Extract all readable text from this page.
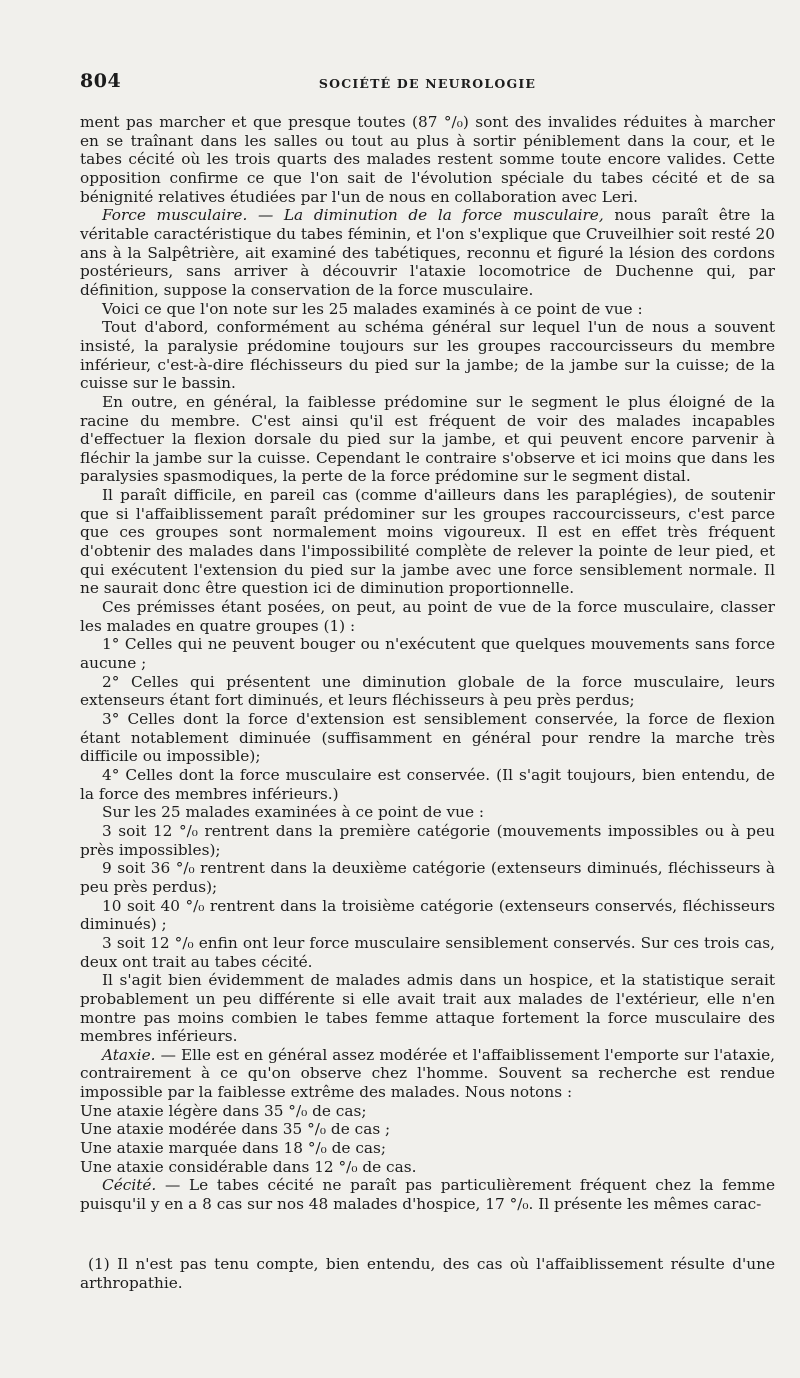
804	SOCIÉTÉ DE NEUROLOGIE

ment pas marcher et que presque toutes (87 °/₀) sont des invalides réduites à marcher en se traînant dans les salles ou tout au plus à sortir péniblement dans la cour, et le tabes cécité où les trois quarts des malades restent somme toute encore valides. Cette opposition confirme ce que l'on sait de l'évolution spéciale du tabes cécité et de sa bénignité relatives étudiées par l'un de nous en collaboration avec Leri.

Force musculaire. — La diminution de la force musculaire, nous paraît être la véritable caractéristique du tabes féminin, et l'on s'explique que Cruveilhier soit resté 20 ans à la Salpêtrière, ait examiné des tabétiques, reconnu et figuré la lésion des cordons postérieurs, sans arriver à découvrir l'ataxie locomotrice de Duchenne qui, par définition, suppose la conservation de la force musculaire.

Voici ce que l'on note sur les 25 malades examinés à ce point de vue :

Tout d'abord, conformément au schéma général sur lequel l'un de nous a souvent insisté, la paralysie prédomine toujours sur les groupes raccourcisseurs du membre inférieur, c'est-à-dire fléchisseurs du pied sur la jambe; de la jambe sur la cuisse; de la cuisse sur le bassin.

En outre, en général, la faiblesse prédomine sur le segment le plus éloigné de la racine du membre. C'est ainsi qu'il est fréquent de voir des malades incapables d'effectuer la flexion dorsale du pied sur la jambe, et qui peuvent encore parvenir à fléchir la jambe sur la cuisse. Cependant le contraire s'observe et ici moins que dans les paralysies spasmodiques, la perte de la force prédomine sur le segment distal.

Il paraît difficile, en pareil cas (comme d'ailleurs dans les paraplégies), de soutenir que si l'affaiblissement paraît prédominer sur les groupes raccourcisseurs, c'est parce que ces groupes sont normalement moins vigoureux. Il est en effet très fréquent d'obtenir des malades dans l'impossibilité complète de relever la pointe de leur pied, et qui exécutent l'extension du pied sur la jambe avec une force sensiblement normale. Il ne saurait donc être question ici de diminution proportionnelle.

Ces prémisses étant posées, on peut, au point de vue de la force musculaire, classer les malades en quatre groupes (1) :

1° Celles qui ne peuvent bouger ou n'exécutent que quelques mouvements sans force aucune ;

2° Celles qui présentent une diminution globale de la force musculaire, leurs extenseurs étant fort diminués, et leurs fléchisseurs à peu près perdus;

3° Celles dont la force d'extension est sensiblement conservée, la force de flexion étant notablement diminuée (suffisamment en général pour rendre la marche très difficile ou impossible);

4° Celles dont la force musculaire est conservée. (Il s'agit toujours, bien entendu, de la force des membres inférieurs.)

Sur les 25 malades examinées à ce point de vue :

3 soit 12 °/₀ rentrent dans la première catégorie (mouvements impossibles ou à peu près impossibles);

9 soit 36 °/₀ rentrent dans la deuxième catégorie (extenseurs diminués, fléchisseurs à peu près perdus);

10 soit 40 °/₀ rentrent dans la troisième catégorie (extenseurs conservés, fléchisseurs diminués) ;

3 soit 12 °/₀ enfin ont leur force musculaire sensiblement conservés. Sur ces trois cas, deux ont trait au tabes cécité.

Il s'agit bien évidemment de malades admis dans un hospice, et la statistique serait probablement un peu différente si elle avait trait aux malades de l'extérieur, elle n'en montre pas moins combien le tabes femme attaque fortement la force musculaire des membres inférieurs.

Ataxie. — Elle est en général assez modérée et l'affaiblissement l'emporte sur l'ataxie, contrairement à ce qu'on observe chez l'homme. Souvent sa recherche est rendue impossible par la faiblesse extrême des malades. Nous notons :

Une ataxie légère dans 35 °/₀ de cas;

Une ataxie modérée dans 35 °/₀ de cas ;

Une ataxie marquée dans 18 °/₀ de cas;

Une ataxie considérable dans 12 °/₀ de cas.

Cécité. — Le tabes cécité ne paraît pas particulièrement fréquent chez la femme puisqu'il y en a 8 cas sur nos 48 malades d'hospice, 17 °/₀. Il présente les mêmes carac-

(1) Il n'est pas tenu compte, bien entendu, des cas où l'affaiblissement résulte d'une arthropathie.
